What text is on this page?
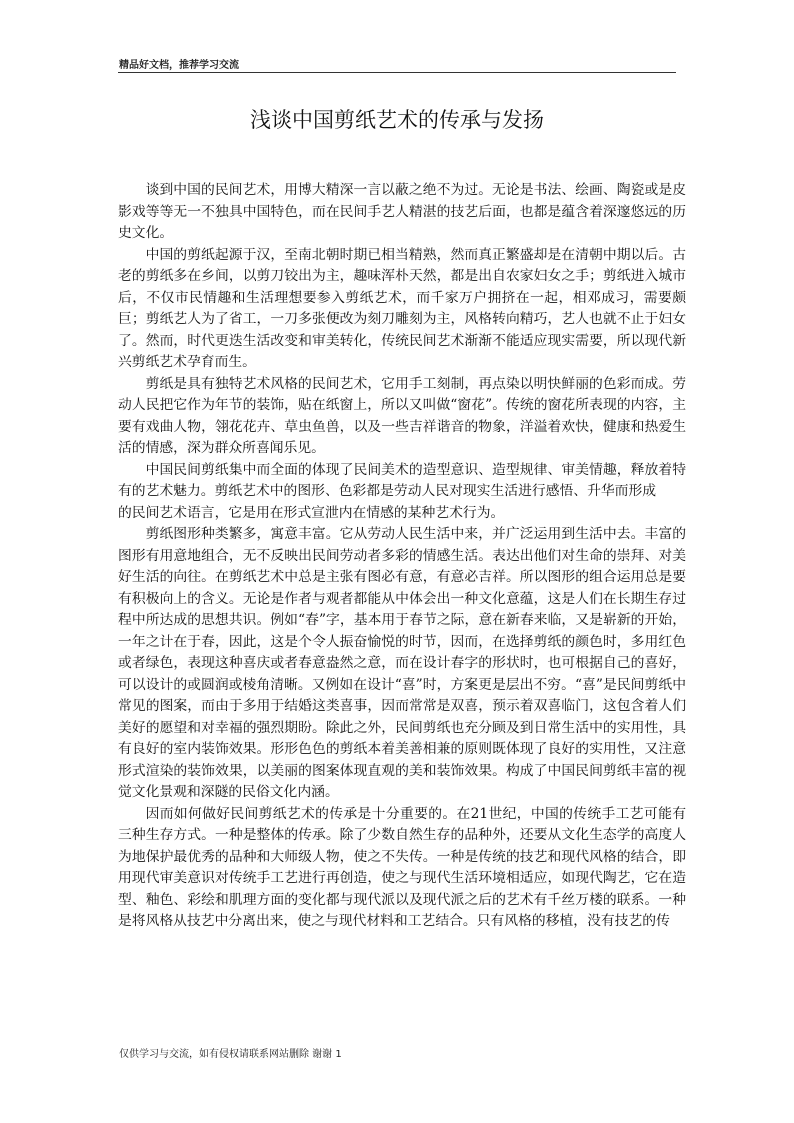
精品好文档，推荐学习交流
浅谈中国剪纸艺术的传承与发扬

谈到中国的民间艺术，用博大精深一言以蔽之绝不为过。无论是书法、绘画、陶瓷或是皮影戏等等无一不独具中国特色，而在民间手艺人精湛的技艺后面，也都是蕴含着深邃悠远的历史文化。

中国的剪纸起源于汉，至南北朝时期已相当精熟，然而真正繁盛却是在清朝中期以后。古老的剪纸多在乡间，以剪刀铰出为主，趣味浑朴天然，都是出自农家妇女之手；剪纸进入城市后，不仅市民情趣和生活理想要参入剪纸艺术，而千家万户拥挤在一起，相邓成习，需要颇巨；剪纸艺人为了省工，一刀多张便改为刻刀雕刻为主，风格转向精巧，艺人也就不止于妇女了。然而，时代更迭生活改变和审美转化，传统民间艺术渐渐不能适应现实需要，所以现代新兴剪纸艺术孕育而生。

剪纸是具有独特艺术风格的民间艺术，它用手工刻制，再点染以明快鲜丽的色彩而成。劳动人民把它作为年节的装饰，贴在纸窗上，所以又叫做“窗花”。传统的窗花所表现的内容，主要有戏曲人物，翎花花卉、草虫鱼兽，以及一些吉祥谐音的物象，洋溢着欢快，健康和热爱生活的情感，深为群众所喜闻乐见。

中国民间剪纸集中而全面的体现了民间美术的造型意识、造型规律、审美情趣，释放着特有的艺术魅力。剪纸艺术中的图形、色彩都是劳动人民对现实生活进行感悟、升华而形成

的民间艺术语言，它是用在形式宣泄内在情感的某种艺术行为。

剪纸图形种类繁多，寓意丰富。它从劳动人民生活中来，并广泛运用到生活中去。丰富的图形有用意地组合，无不反映出民间劳动者多彩的情感生活。表达出他们对生命的崇拜、对美好生活的向往。在剪纸艺术中总是主张有图必有意，有意必吉祥。所以图形的组合运用总是要有积极向上的含义。无论是作者与观者都能从中体会出一种文化意蕴，这是人们在长期生存过程中所达成的思想共识。例如“春”字，基本用于春节之际，意在新春来临，又是崭新的开始，一年之计在于春，因此，这是个令人振奋愉悦的时节，因而，在选择剪纸的颜色时，多用红色或者绿色，表现这种喜庆或者春意盎然之意，而在设计春字的形状时，也可根据自己的喜好，可以设计的或圆润或棱角清晰。又例如在设计“喜”时，方案更是层出不穷。“喜”是民间剪纸中常见的图案，而由于多用于结婚这类喜事，因而常常是双喜，预示着双喜临门，这包含着人们美好的愿望和对幸福的强烈期盼。除此之外，民间剪纸也充分顾及到日常生活中的实用性，具有良好的室内装饰效果。形形色色的剪纸本着美善相兼的原则既体现了良好的实用性，又注意形式渲染的装饰效果，以美丽的图案体现直观的美和装饰效果。构成了中国民间剪纸丰富的视觉文化景观和深隧的民俗文化内涵。

因而如何做好民间剪纸艺术的传承是十分重要的。在21世纪，中国的传统手工艺可能有三种生存方式。一种是整体的传承。除了少数自然生存的品种外，还要从文化生态学的高度人为地保护最优秀的品种和大师级人物，使之不失传。一种是传统的技艺和现代风格的结合，即用现代审美意识对传统手工艺进行再创造，使之与现代生活环境相适应，如现代陶艺，它在造型、釉色、彩绘和肌理方面的变化都与现代派以及现代派之后的艺术有千丝万楼的联系。一种是将风格从技艺中分离出来，使之与现代材料和工艺结合。只有风格的移植，没有技艺的传

仅供学习与交流，如有侵权请联系网站删除 谢谢 1
